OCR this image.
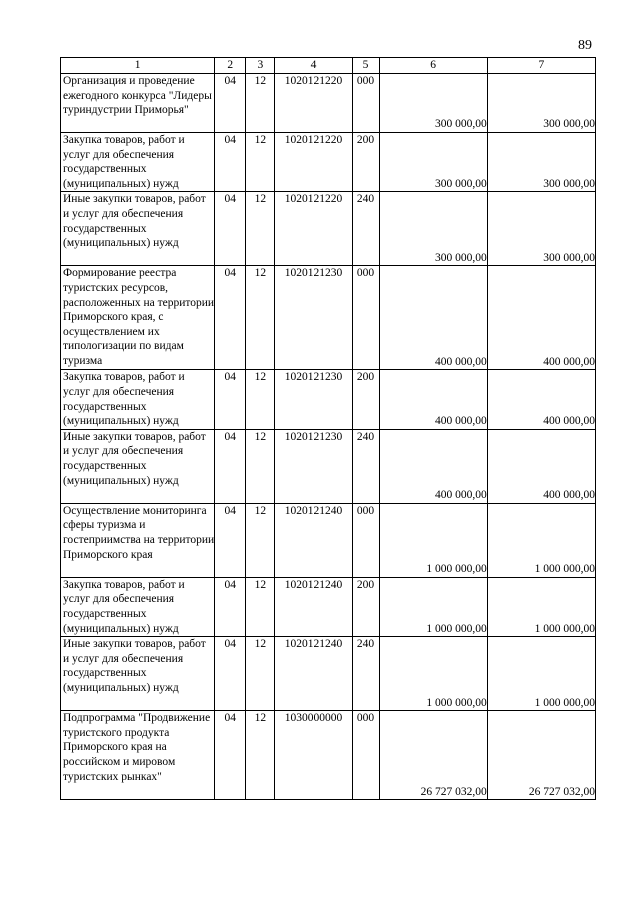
89
1	2	3	4	5	6	7
Организация и проведение ежегодного конкурса "Лидеры туриндустрии Приморья"	04	12	1020121220	000	300 000,00	300 000,00
Закупка товаров, работ и услуг для обеспечения государственных (муниципальных) нужд	04	12	1020121220	200	300 000,00	300 000,00
Иные закупки товаров, работ и услуг для обеспечения государственных (муниципальных) нужд	04	12	1020121220	240	300 000,00	300 000,00
Формирование реестра туристских ресурсов, расположенных на территории Приморского края, с осуществлением их типологизации по видам туризма	04	12	1020121230	000	400 000,00	400 000,00
Закупка товаров, работ и услуг для обеспечения государственных (муниципальных) нужд	04	12	1020121230	200	400 000,00	400 000,00
Иные закупки товаров, работ и услуг для обеспечения государственных (муниципальных) нужд	04	12	1020121230	240	400 000,00	400 000,00
Осуществление мониторинга сферы туризма и гостеприимства на территории Приморского края	04	12	1020121240	000	1 000 000,00	1 000 000,00
Закупка товаров, работ и услуг для обеспечения государственных (муниципальных) нужд	04	12	1020121240	200	1 000 000,00	1 000 000,00
Иные закупки товаров, работ и услуг для обеспечения государственных (муниципальных) нужд	04	12	1020121240	240	1 000 000,00	1 000 000,00
Подпрограмма "Продвижение туристского продукта Приморского края на российском и мировом туристских рынках"	04	12	1030000000	000	26 727 032,00	26 727 032,00
